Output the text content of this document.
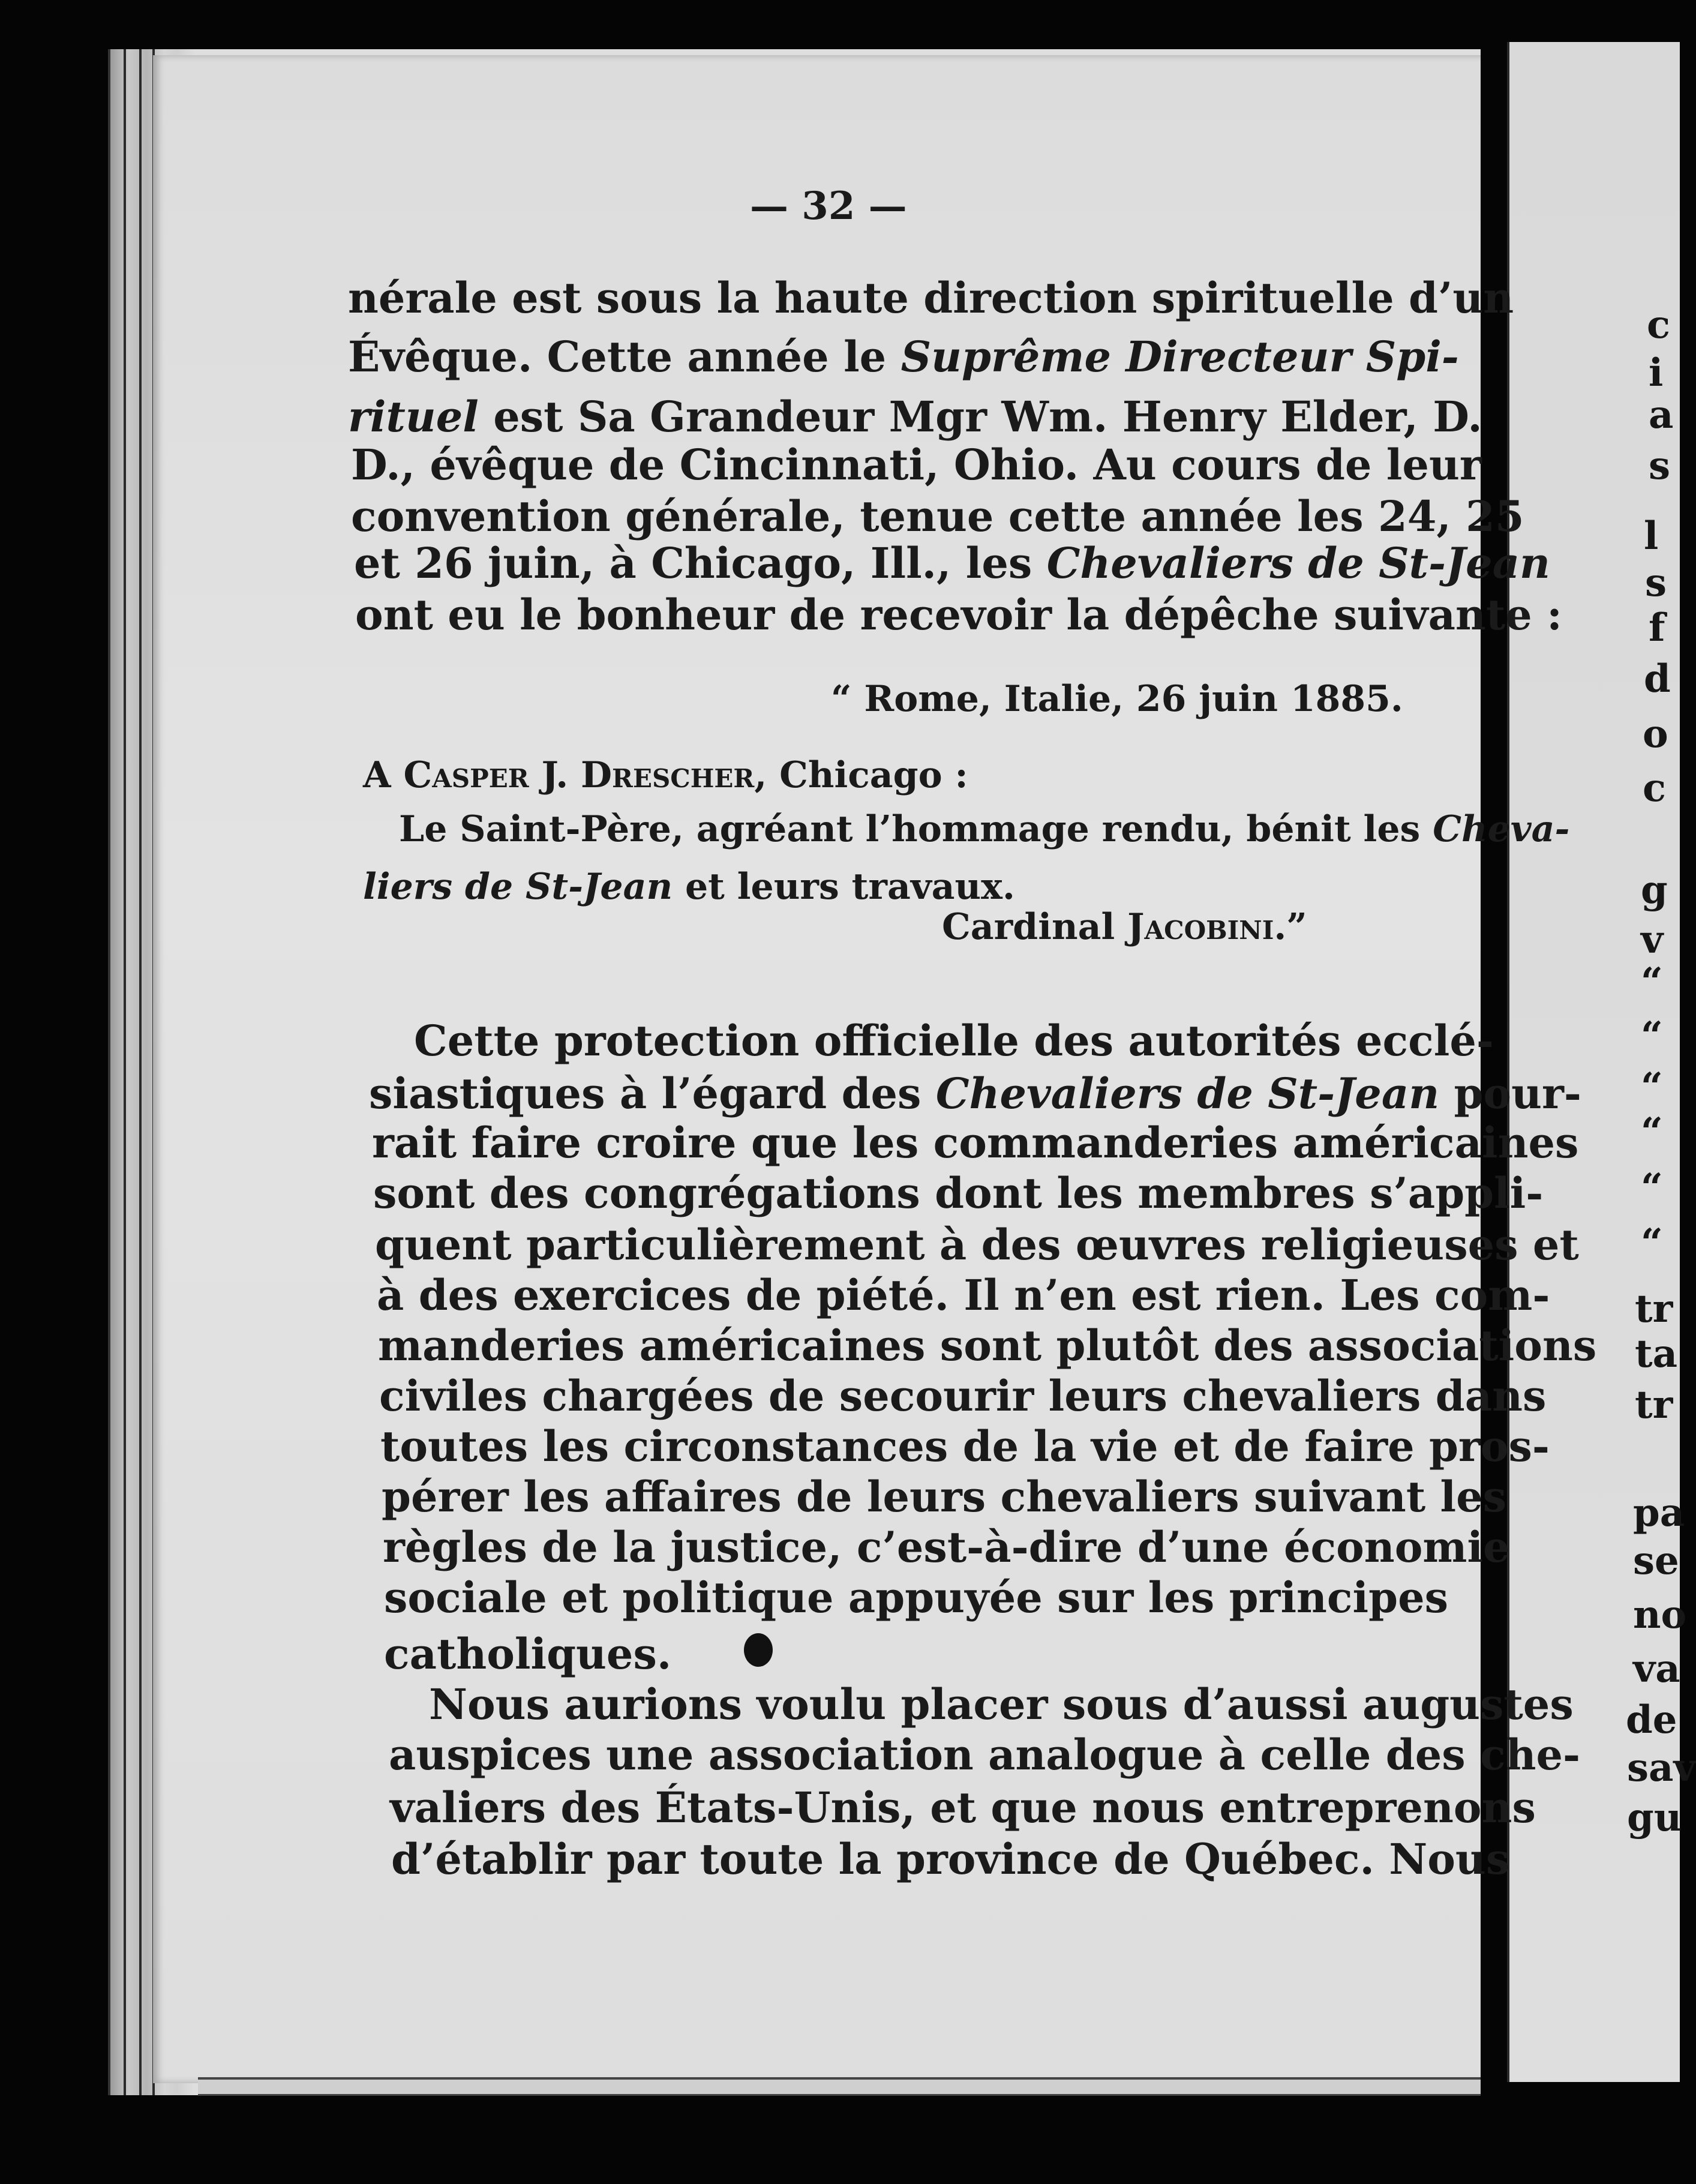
— 32 —
nérale est sous la haute direction spirituelle d’un
Évêque. Cette année le Suprême Directeur Spi-
rituel est Sa Grandeur Mgr Wm. Henry Elder, D.
D., évêque de Cincinnati, Ohio. Au cours de leur
convention générale, tenue cette année les 24, 25
et 26 juin, à Chicago, Ill., les Chevaliers de St-Jean
ont eu le bonheur de recevoir la dépêche suivante :
“ Rome, Italie, 26 juin 1885.
A Casper J. Drescher, Chicago :
Le Saint-Père, agréant l’hommage rendu, bénit les Cheva-
liers de St-Jean et leurs travaux.
Cardinal Jacobini.”
Cette protection officielle des autorités ecclé-
siastiques à l’égard des Chevaliers de St-Jean pour-
rait faire croire que les commanderies américaines
sont des congrégations dont les membres s’appli-
quent particulièrement à des œuvres religieuses et
à des exercices de piété. Il n’en est rien. Les com-
manderies américaines sont plutôt des associations
civiles chargées de secourir leurs chevaliers dans
toutes les circonstances de la vie et de faire pros-
pérer les affaires de leurs chevaliers suivant les
règles de la justice, c’est-à-dire d’une économie
sociale et politique appuyée sur les principes
catholiques.
Nous aurions voulu placer sous d’aussi augustes
auspices une association analogue à celle des che-
valiers des États-Unis, et que nous entreprenons
d’établir par toute la province de Québec. Nous
c
i
a
s
l
s
f
d
o
c
g
v
“
“
“
“
“
“
tr
ta
tr
pa
se
no
va
de
sav
gu
